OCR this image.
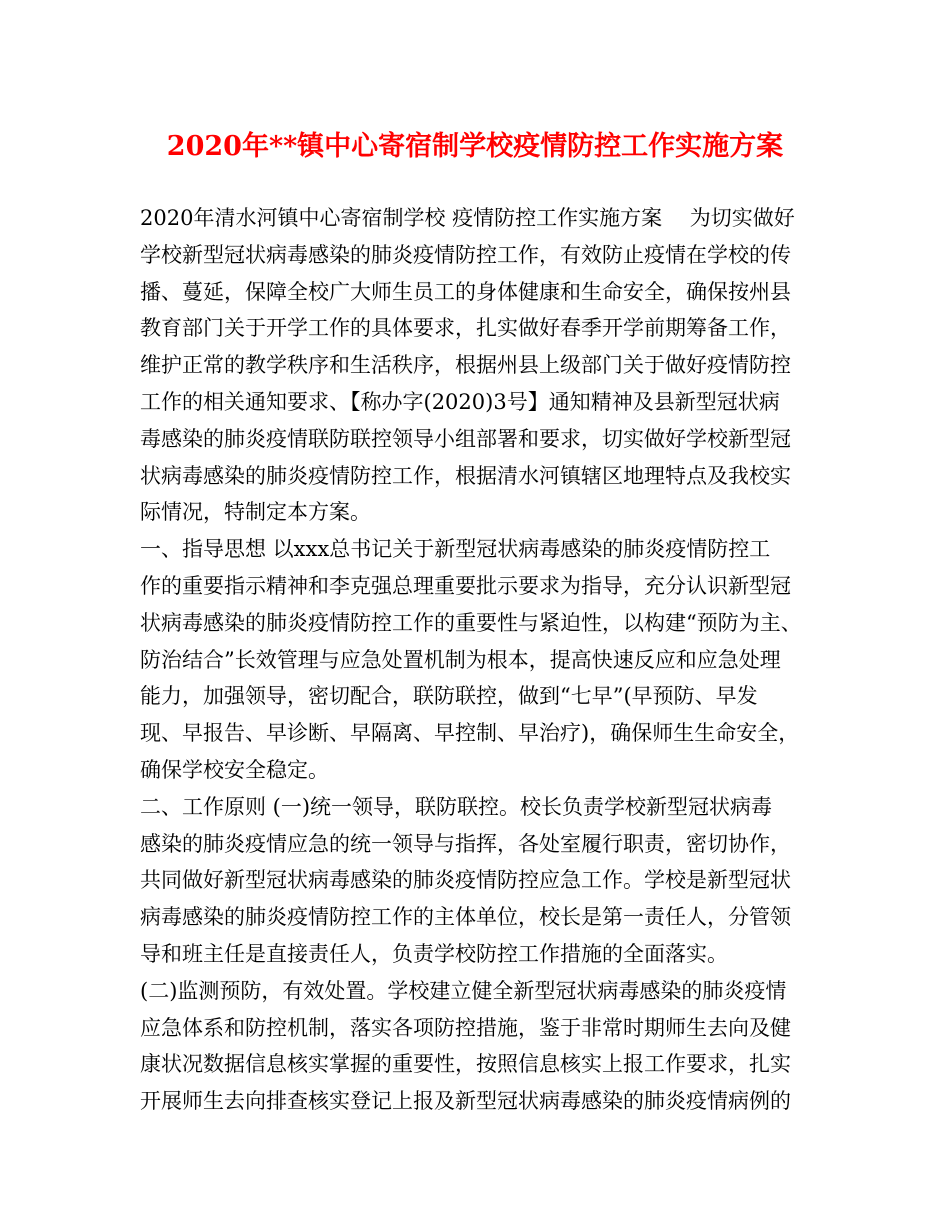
2020年**镇中心寄宿制学校疫情防控工作实施方案
2020年清水河镇中心寄宿制学校 疫情防控工作实施方案　 为切实做好
学校新型冠状病毒感染的肺炎疫情防控工作，有效防止疫情在学校的传
播、蔓延，保障全校广大师生员工的身体健康和生命安全，确保按州县
教育部门关于开学工作的具体要求，扎实做好春季开学前期筹备工作，
维护正常的教学秩序和生活秩序，根据州县上级部门关于做好疫情防控
工作的相关通知要求、【称办字(2020)3号】通知精神及县新型冠状病
毒感染的肺炎疫情联防联控领导小组部署和要求，切实做好学校新型冠
状病毒感染的肺炎疫情防控工作，根据清水河镇辖区地理特点及我校实
际情况，特制定本方案。
一、指导思想 以xxx总书记关于新型冠状病毒感染的肺炎疫情防控工
作的重要指示精神和李克强总理重要批示要求为指导，充分认识新型冠
状病毒感染的肺炎疫情防控工作的重要性与紧迫性，以构建“预防为主、
防治结合”长效管理与应急处置机制为根本，提高快速反应和应急处理
能力，加强领导，密切配合，联防联控，做到“七早”(早预防、早发
现、早报告、早诊断、早隔离、早控制、早治疗)，确保师生生命安全，
确保学校安全稳定。
二、工作原则 (一)统一领导，联防联控。校长负责学校新型冠状病毒
感染的肺炎疫情应急的统一领导与指挥，各处室履行职责，密切协作，
共同做好新型冠状病毒感染的肺炎疫情防控应急工作。学校是新型冠状
病毒感染的肺炎疫情防控工作的主体单位，校长是第一责任人，分管领
导和班主任是直接责任人，负责学校防控工作措施的全面落实。
(二)监测预防，有效处置。学校建立健全新型冠状病毒感染的肺炎疫情
应急体系和防控机制，落实各项防控措施，鉴于非常时期师生去向及健
康状况数据信息核实掌握的重要性，按照信息核实上报工作要求，扎实
开展师生去向排查核实登记上报及新型冠状病毒感染的肺炎疫情病例的
